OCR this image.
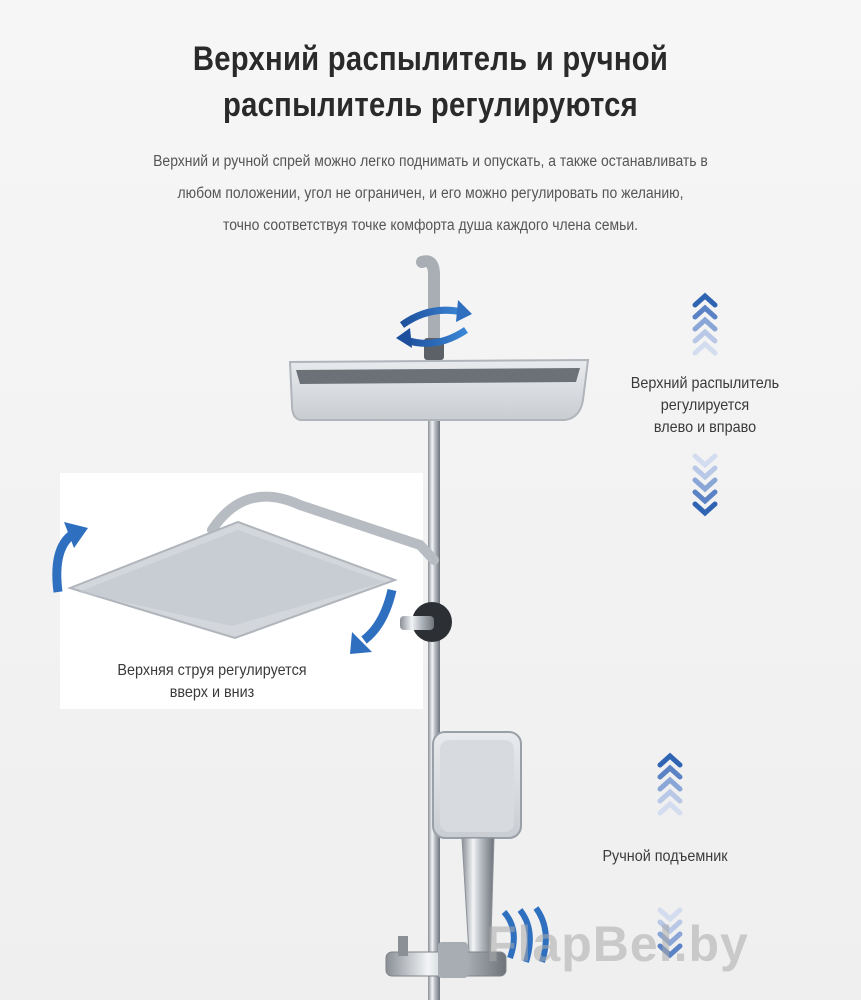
Верхний распылитель и ручной
распылитель регулируются
Верхний и ручной спрей можно легко поднимать и опускать, а также останавливать в
любом положении, угол не ограничен, и его можно регулировать по желанию,
точно соответствуя точке комфорта душа каждого члена семьи.
Верхний распылитель
регулируется
влево и вправо
Верхняя струя регулируется
вверх и вниз
Ручной подъемник
FlapBel.by
